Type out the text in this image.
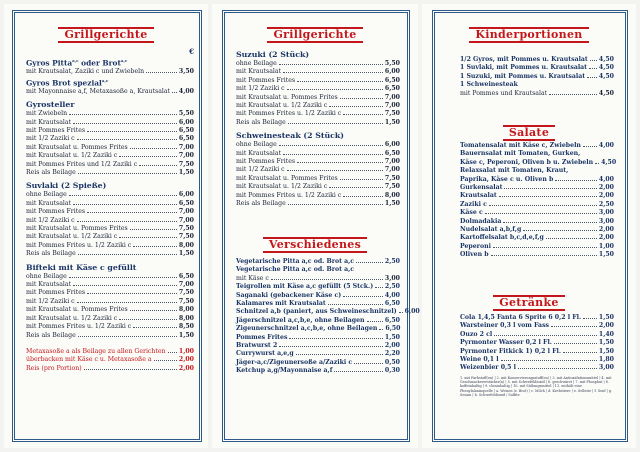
Grillgerichte
€
Gyros Pitta$^{a,c}$ oder Brot$^{a,c}$
mit Krautsalat, Zaziki c und Zwiebeln	3,50
Gyros Brot spezial$^{a,c}$
mit Mayonnaise a,f, Metaxasoße a, Krautsalat 4,00
Gyrosteller
mit Zwiebeln	5,50
mit Krautsalat	6,00
mit Pommes Frites	6,50
mit 1/2 Zaziki c	6,50
mit Krautsalat u. Pommes Frites	7,00
mit Krautsalat u. 1/2 Zaziki c	7,00
mit Pommes Frites und 1/2 Zaziki c	7,50
Reis als Beilage	1,50
Suvlaki (2 Spieße)
ohne Beilage	6,00
mit Krautsalat	6,50
mit Pommes Frites	7,00
mit 1/2 Zaziki c	7,00
mit Krautsalat u. Pommes Frites	7,50
mit Krautsalat u. 1/2 Zaziki c	7,50
mit Pommes Frites u. 1/2 Zaziki c	8,00
Reis als Beilage	1,50
Bifteki mit Käse c gefüllt
ohne Beilage	6,50
mit Krautsalat	7,00
mit Pommes Frites	7,50
mit 1/2 Zaziki c	7,50
mit Krautsalat u. Pommes Frites	8,00
mit Krautsalat u. 1/2 Zaziki c	8,00
mit Pommes Frites u. 1/2 Zaziki c	8,50
Reis als Beilage	1,50
Metaxasoße a als Beilage zu allen Gerichten 1,00
überbacken mit Käse c u. Metaxasoße a	2,00
Reis (pro Portion)	2,00
Grillgerichte
Suzuki (2 Stück)
ohne Beilage	5,50
mit Krautsalat	6,00
mit Pommes Frites	6,50
mit 1/2 Zaziki c	6,50
mit Krautsalat u. Pommes Frites	7,00
mit Krautsalat u. 1/2 Zaziki c	7,00
mit Pommes Frites u. 1/2 Zaziki c	7,50
Reis als Beilage	1,50
Schweinesteak (2 Stück)
ohne Beilage	6,00
mit Krautsalat	6,50
mit Pommes Frites	7,00
mit 1/2 Zaziki c	7,00
mit Krautsalat u. Pommes Frites	7,50
mit Krautsalat u. 1/2 Zaziki c	7,50
mit Pommes Frites u. 1/2 Zaziki c	8,00
Reis als Beilage	1,50
Verschiedenes
Vegetarische Pitta a,c od. Brot a,c	2,50
Vegetarische Pitta a,c od. Brot a,c
mit Käse c	3,00
Teigrollen mit Käse a,c gefüllt (5 Stck.) 2,50
Saganaki (gebackener Käse c)	4,00
Kalamares mit Krautsalat	6,50
Schnitzel a,b (paniert, aus Schweineschnitzel) 6,00
Jägerschnitzel a,c,b,e, ohne Beilagen	6,50
Zigeunerschnitzel a,c,b,e, ohne Beilagen 6,50
Pommes Frites	1,50
Bratwurst 2	2,00
Currywurst a,e,g	2,20
Jäger-a,c/Zigeunersoße a/Zaziki c	0,50
Ketchup a,g/Mayonnaise a,f	0,30
Kinderportionen
1/2 Gyros, mit Pommes u. Krautsalat 4,50
1 Suvlaki, mit Pommes u. Krautsalat 4,50
1 Suzuki, mit Pommes u. Krautsalat 4,50
1 Schweinesteak
mit Pommes und Krautsalat	4,50
Salate
Tomatensalat mit Käse c, Zwiebeln	4,00
Bauernsalat mit Tomaten, Gurken,
Käse c, Peperoni, Oliven b u. Zwiebeln 4,50
Relaxsalat mit Tomaten, Kraut,
Paprika, Käse c u. Oliven b	4,00
Gurkensalat	2,00
Krautsalat	2,00
Zaziki c	2,50
Käse c	3,00
Dolmadakia	3,00
Nudelsalat a,b,f,g	2,00
Kartoffelsalat b,c,d,e,f,g	2,00
Peperoni	1,00
Oliven b	1,50
Getränke
Cola 1,4,5 Fanta 6 Sprite 6 0,2 l Fl.	1,50
Warsteiner 0,3 l vom Fass	2,00
Ouzo 2 cl	1,40
Pyrmonter Wasser 0,2 l Fl.	1,50
Pyrmonter Fitkick 1) 0,2 l Fl.	1,50
Weine 0,1 l	1,80
Weizenbier 0,5 l	3,00
1. mit Farbstoff(en) | 2. mit Konservierungsstoff(en) | 3. mit Antioxidationsmittel | 4. mit Geschmacksverstärker(n) | 5. mit Schwefeldioxid | 6. geschwärzt | 7. mit Phosphat | 8. koffeinhaltig | 9. chininhaltig | 10. mit Süßungsmittel | 11. enthält eine Phenylalaninquelle | a. Weizen (z. Brot) | c. Milch | d. Krebstiere | e. Sellerie | f. Senf | g. Sesam | h. Schwefeldioxid / Sulfite
